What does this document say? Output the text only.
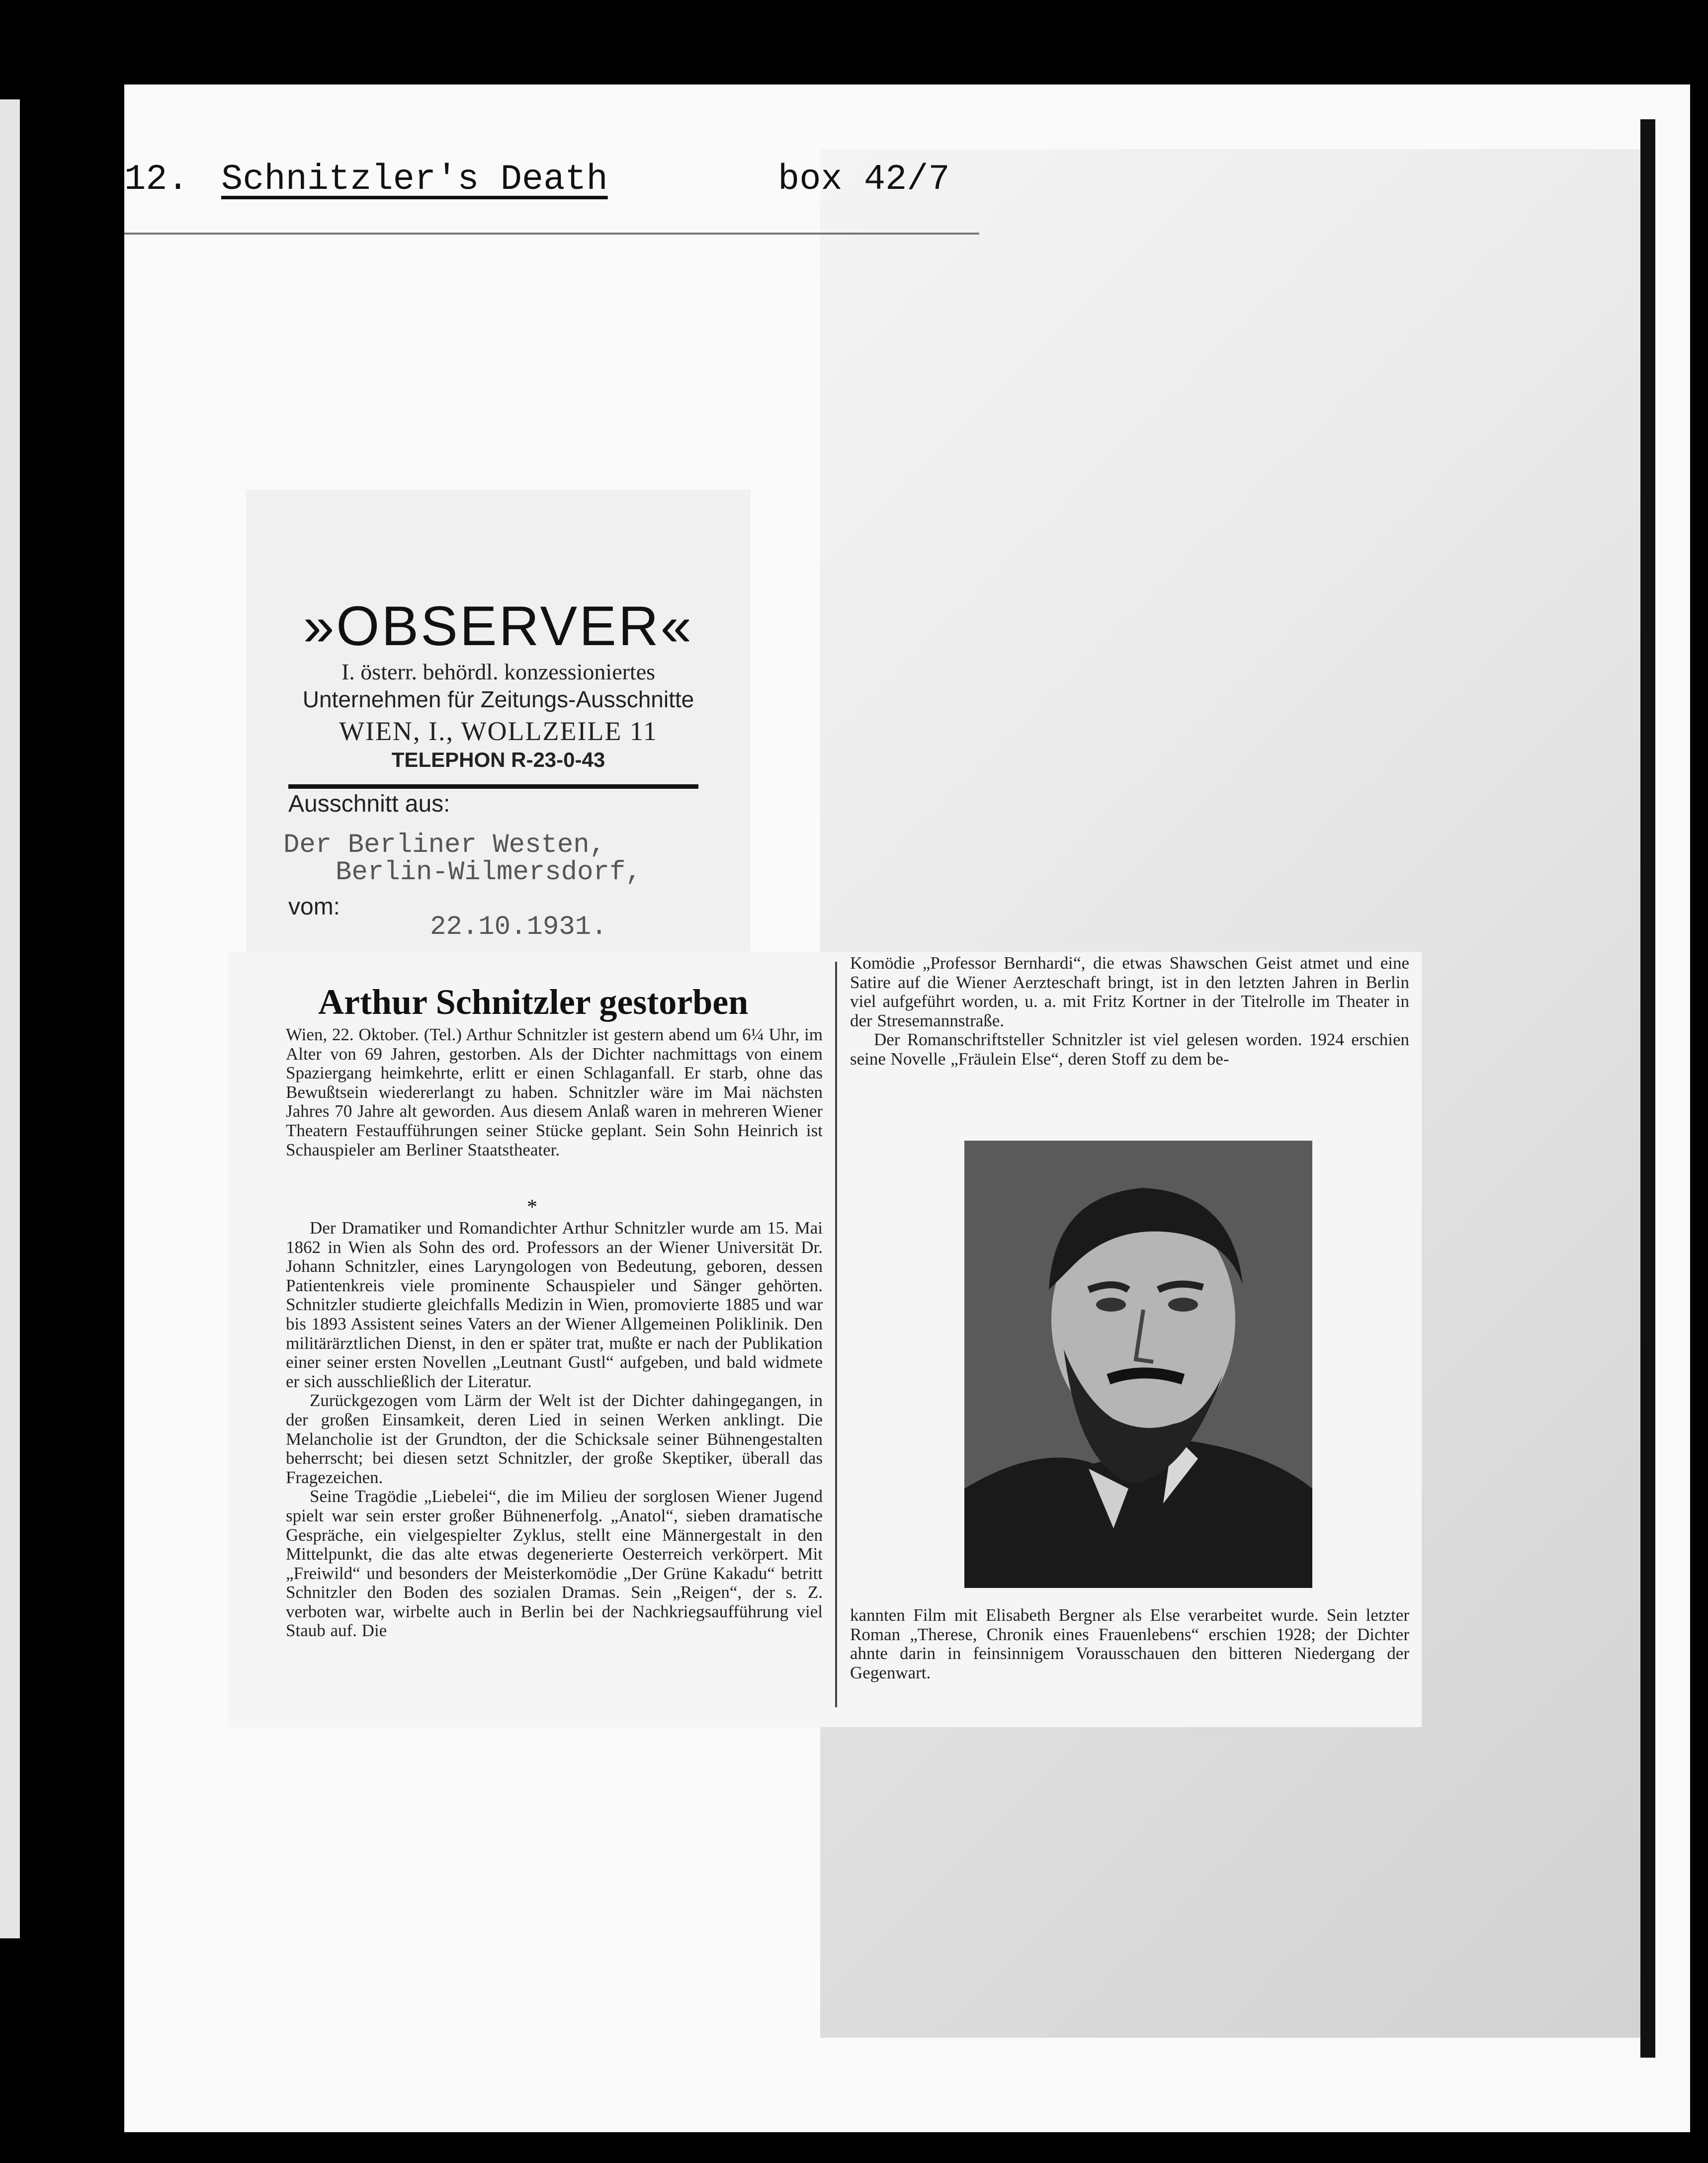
12. Schnitzler's Death	box 42/7
»OBSERVER«
I. österr. behördl. konzessioniertes
Unternehmen für Zeitungs-Ausschnitte
WIEN, I., WOLLZEILE 11
TELEPHON R-23-0-43
Ausschnitt aus:
Der Berliner Westen,
Berlin-Wilmersdorf,
vom:
22.10.1931.
Arthur Schnitzler gestorben

Wien, 22. Oktober. (Tel.) Arthur Schnitzler ist gestern abend um 6¼ Uhr, im Alter von 69 Jahren, gestorben. Als der Dichter nachmittags von einem Spaziergang heimkehrte, erlitt er einen Schlaganfall. Er starb, ohne das Bewußtsein wiedererlangt zu haben. Schnitzler wäre im Mai nächsten Jahres 70 Jahre alt geworden. Aus diesem Anlaß waren in mehreren Wiener Theatern Festaufführungen seiner Stücke geplant. Sein Sohn Heinrich ist Schauspieler am Berliner Staatstheater.

*

Der Dramatiker und Romandichter Arthur Schnitzler wurde am 15. Mai 1862 in Wien als Sohn des ord. Professors an der Wiener Universität Dr. Johann Schnitzler, eines Laryngologen von Bedeutung, geboren, dessen Patientenkreis viele prominente Schauspieler und Sänger gehörten. Schnitzler studierte gleichfalls Medizin in Wien, promovierte 1885 und war bis 1893 Assistent seines Vaters an der Wiener Allgemeinen Poliklinik. Den militärärztlichen Dienst, in den er später trat, mußte er nach der Publikation einer seiner ersten Novellen „Leutnant Gustl“ aufgeben, und bald widmete er sich ausschließlich der Literatur.

Zurückgezogen vom Lärm der Welt ist der Dichter dahingegangen, in der großen Einsamkeit, deren Lied in seinen Werken anklingt. Die Melancholie ist der Grundton, der die Schicksale seiner Bühnengestalten beherrscht; bei diesen setzt Schnitzler, der große Skeptiker, überall das Fragezeichen.

Seine Tragödie „Liebelei“, die im Milieu der sorglosen Wiener Jugend spielt war sein erster großer Bühnenerfolg. „Anatol“, sieben dramatische Gespräche, ein vielgespielter Zyklus, stellt eine Männergestalt in den Mittelpunkt, die das alte etwas degenerierte Oesterreich verkörpert. Mit „Freiwild“ und besonders der Meisterkomödie „Der Grüne Kakadu“ betritt Schnitzler den Boden des sozialen Dramas. Sein „Reigen“, der s. Z. verboten war, wirbelte auch in Berlin bei der Nachkriegsaufführung viel Staub auf. Die

Komödie „Professor Bernhardi“, die etwas Shawschen Geist atmet und eine Satire auf die Wiener Aerzteschaft bringt, ist in den letzten Jahren in Berlin viel aufgeführt worden, u. a. mit Fritz Kortner in der Titelrolle im Theater in der Stresemannstraße.

Der Romanschriftsteller Schnitzler ist viel gelesen worden. 1924 erschien seine Novelle „Fräulein Else“, deren Stoff zu dem be-

kannten Film mit Elisabeth Bergner als Else verarbeitet wurde. Sein letzter Roman „Therese, Chronik eines Frauenlebens“ erschien 1928; der Dichter ahnte darin in feinsinnigem Vorausschauen den bitteren Niedergang der Gegenwart.
